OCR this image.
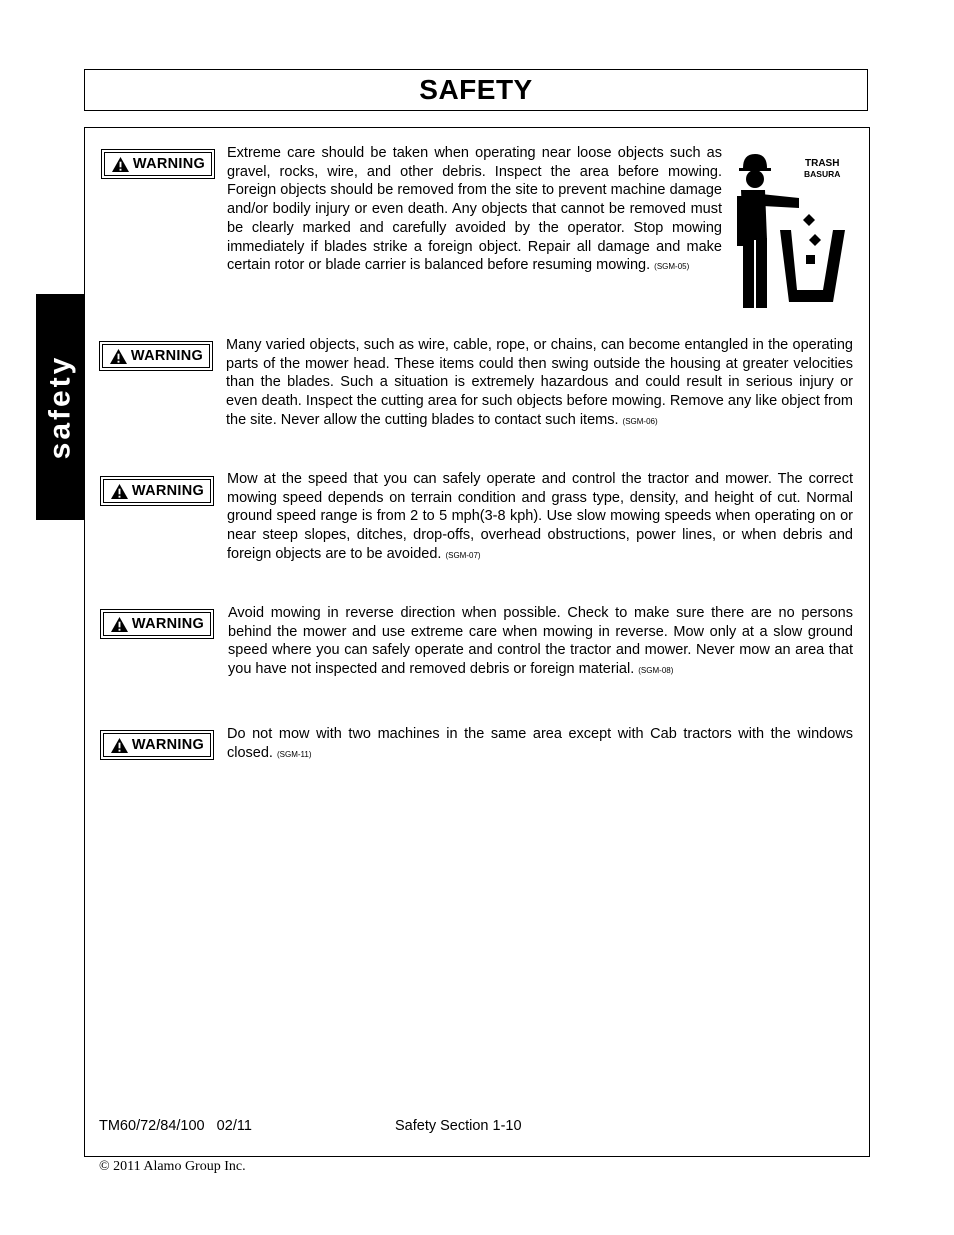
SAFETY
safety
WARNING
Extreme care should be taken when operating near loose objects such as gravel, rocks, wire, and other debris. Inspect the area before mowing. Foreign objects should be removed from the site to prevent machine damage and/or bodily injury or even death. Any objects that cannot be removed must be clearly marked and carefully avoided by the operator. Stop mowing immediately if blades strike a foreign object. Repair all damage and make certain rotor or blade carrier is balanced before resuming mowing. (SGM-05)
TRASH
BASURA
WARNING
Many varied objects, such as wire, cable, rope, or chains, can become entangled in the operating parts of the mower head. These items could then swing outside the housing at greater velocities than the blades. Such a situation is extremely hazardous and could result in serious injury or even death. Inspect the cutting area for such objects before mowing. Remove any like object from the site. Never allow the cutting blades to contact such items. (SGM-06)
WARNING
Mow at the speed that you can safely operate and control the tractor and mower. The correct mowing speed depends on terrain condition and grass type, density, and height of cut. Normal ground speed range is from 2 to 5 mph(3-8 kph). Use slow mowing speeds when operating on or near steep slopes, ditches, drop-offs, overhead obstructions, power lines, or when debris and foreign objects are to be avoided. (SGM-07)
WARNING
Avoid mowing in reverse direction when possible. Check to make sure there are no persons behind the mower and use extreme care when mowing in reverse. Mow only at a slow ground speed where you can safely operate and control the tractor and mower. Never mow an area that you have not inspected and removed debris or foreign material. (SGM-08)
WARNING
Do not mow with two machines in the same area except with Cab tractors with the windows closed. (SGM-11)
TM60/72/84/100   02/11	Safety Section 1-10
© 2011 Alamo Group Inc.
